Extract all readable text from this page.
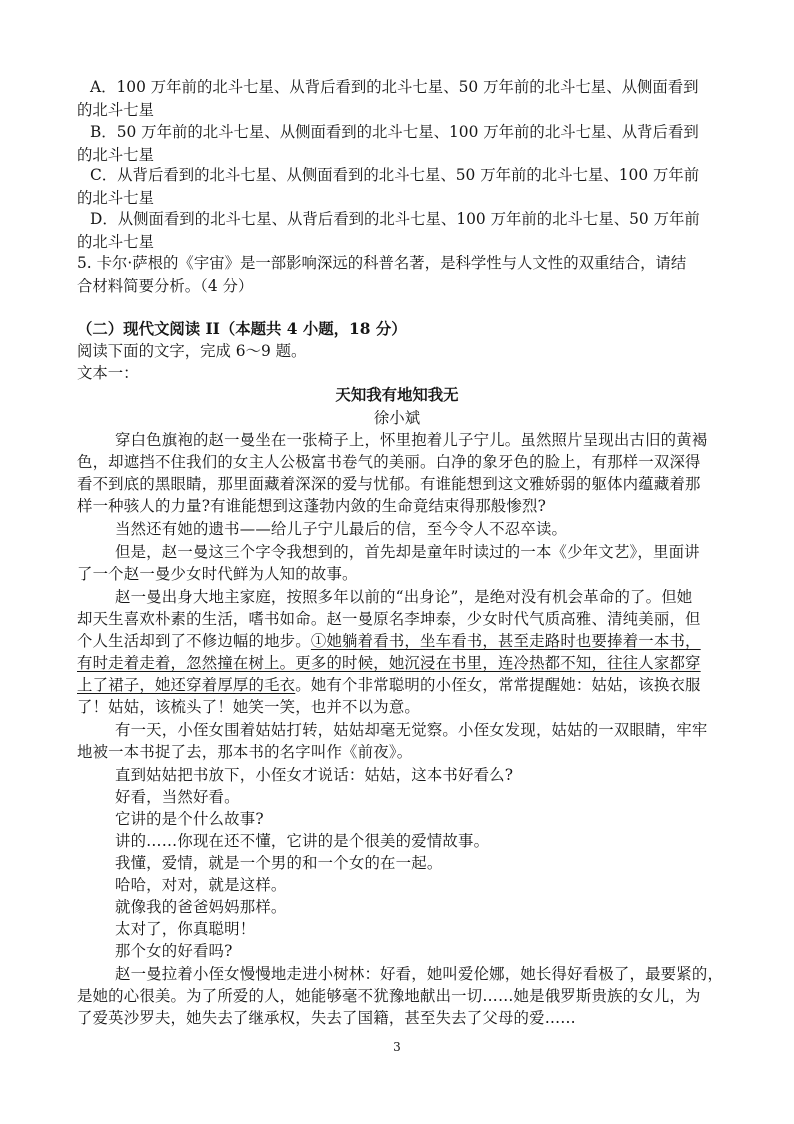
A．100 万年前的北斗七星、从背后看到的北斗七星、50 万年前的北斗七星、从侧面看到
的北斗七星
B．50 万年前的北斗七星、从侧面看到的北斗七星、100 万年前的北斗七星、从背后看到
的北斗七星
C．从背后看到的北斗七星、从侧面看到的北斗七星、50 万年前的北斗七星、100 万年前
的北斗七星
D．从侧面看到的北斗七星、从背后看到的北斗七星、100 万年前的北斗七星、50 万年前
的北斗七星
5. 卡尔·萨根的《宇宙》是一部影响深远的科普名著，是科学性与人文性的双重结合，请结
合材料简要分析。（4 分）
（二）现代文阅读 II（本题共 4 小题，18 分）
阅读下面的文字，完成 6～9 题。
文本一：
天知我有地知我无
徐小斌
穿白色旗袍的赵一曼坐在一张椅子上，怀里抱着儿子宁儿。虽然照片呈现出古旧的黄褐
色，却遮挡不住我们的女主人公极富书卷气的美丽。白净的象牙色的脸上，有那样一双深得
看不到底的黑眼睛，那里面藏着深深的爱与忧郁。有谁能想到这文雅娇弱的躯体内蕴藏着那
样一种骇人的力量?有谁能想到这蓬勃内敛的生命竟结束得那般惨烈?
当然还有她的遗书——给儿子宁儿最后的信，至今令人不忍卒读。
但是，赵一曼这三个字令我想到的，首先却是童年时读过的一本《少年文艺》，里面讲
了一个赵一曼少女时代鲜为人知的故事。
赵一曼出身大地主家庭，按照多年以前的“出身论”，是绝对没有机会革命的了。但她
却天生喜欢朴素的生活，嗜书如命。赵一曼原名李坤泰，少女时代气质高雅、清纯美丽，但
个人生活却到了不修边幅的地步。①她躺着看书，坐车看书，甚至走路时也要捧着一本书，
有时走着走着，忽然撞在树上。更多的时候，她沉浸在书里，连冷热都不知，往往人家都穿
上了裙子，她还穿着厚厚的毛衣。她有个非常聪明的小侄女，常常提醒她：姑姑，该换衣服
了！姑姑，该梳头了！她笑一笑，也并不以为意。
有一天，小侄女围着姑姑打转，姑姑却毫无觉察。小侄女发现，姑姑的一双眼睛，牢牢
地被一本书捉了去，那本书的名字叫作《前夜》。
直到姑姑把书放下，小侄女才说话：姑姑，这本书好看么?
好看，当然好看。
它讲的是个什么故事?
讲的……你现在还不懂，它讲的是个很美的爱情故事。
我懂，爱情，就是一个男的和一个女的在一起。
哈哈，对对，就是这样。
就像我的爸爸妈妈那样。
太对了，你真聪明！
那个女的好看吗?
赵一曼拉着小侄女慢慢地走进小树林：好看，她叫爱伦娜，她长得好看极了，最要紧的，
是她的心很美。为了所爱的人，她能够毫不犹豫地献出一切……她是俄罗斯贵族的女儿，为
了爱英沙罗夫，她失去了继承权，失去了国籍，甚至失去了父母的爱……
3
